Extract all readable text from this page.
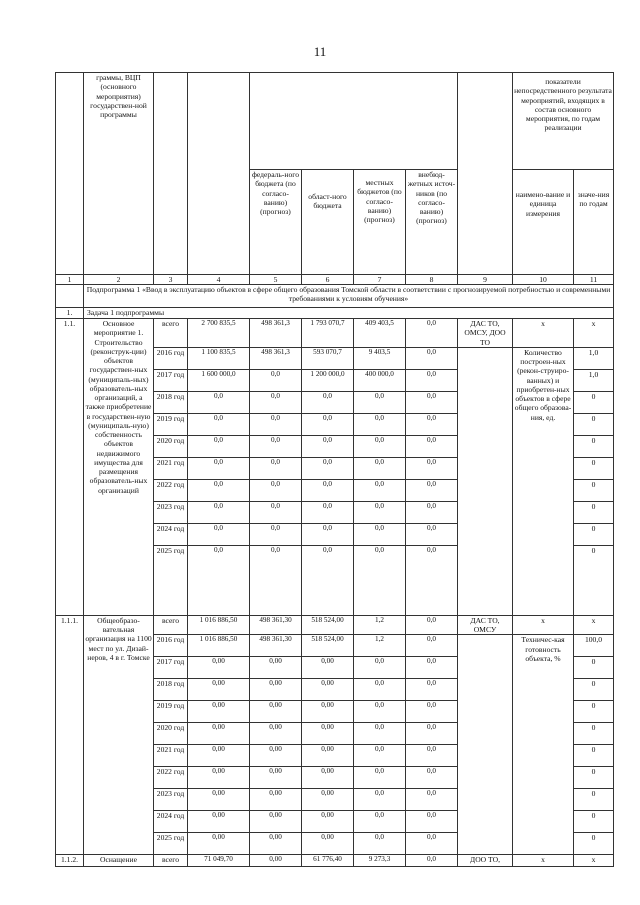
11
	граммы, ВЦП (основного мероприятия) государствен-ной программы								показатели непосредственного результата мероприятий, входящих в состав основного мероприятия, по годам реализации	
				федераль-ного бюджета (по согласо-ванию) (прогноз)	област-ного бюджета	местных бюджетов (по согласо-ванию) (прогноз)	внебюд-жетных источ-ников (по согласо-ванию) (прогноз)		наимено-вание и единица измерения	значе-ния по годам
1	2	3	4	5	6	7	8	9	10	11
	Подпрограмма 1 «Ввод в эксплуатацию объектов в сфере общего образования Томской области в соответствии с прогнозируемой потребностью и современными требованиями к условиям обучения»									
1.	Задача 1 подпрограммы									
1.1.	Основное мероприятие 1. Строительство (реконструк-ции) объектов государствен-ных (муниципаль-ных) образователь-ных организаций, а также приобретение в государствен-ную (муниципаль-ную) собственность объектов недвижимого имущества для размещения образователь-ных организаций	всего	2 700 835,5	498 361,3	1 793 070,7	409 403,5	0,0	ДАС ТО, ОМСУ, ДОО ТО	х	х
		2016 год	1 100 835,5	498 361,3	593 070,7	9 403,5	0,0		Количество построен-ных (рекон-струиро-ванных) и приобретен-ных объектов в сфере общего образова-ния, ед.	1,0
		2017 год	1 600 000,0	0,0	1 200 000,0	400 000,0	0,0			1,0
		2018 год	0,0	0,0	0,0	0,0	0,0			0
		2019 год	0,0	0,0	0,0	0,0	0,0			0
		2020 год	0,0	0,0	0,0	0,0	0,0			0
		2021 год	0,0	0,0	0,0	0,0	0,0			0
		2022 год	0,0	0,0	0,0	0,0	0,0			0
		2023 год	0,0	0,0	0,0	0,0	0,0			0
		2024 год	0,0	0,0	0,0	0,0	0,0			0
		2025 год	0,0	0,0	0,0	0,0	0,0			0
1.1.1.	Общеобразо-вательная организация на 1100 мест по ул. Дизай-неров, 4 в г. Томске	всего	1 016 886,50	498 361,30	518 524,00	1,2	0,0	ДАС ТО, ОМСУ	х	х
		2016 год	1 016 886,50	498 361,30	518 524,00	1,2	0,0		Техничес-кая готовность объекта, %	100,0
		2017 год	0,00	0,00	0,00	0,0	0,0			0
		2018 год	0,00	0,00	0,00	0,0	0,0			0
		2019 год	0,00	0,00	0,00	0,0	0,0			0
		2020 год	0,00	0,00	0,00	0,0	0,0			0
		2021 год	0,00	0,00	0,00	0,0	0,0			0
		2022 год	0,00	0,00	0,00	0,0	0,0			0
		2023 год	0,00	0,00	0,00	0,0	0,0			0
		2024 год	0,00	0,00	0,00	0,0	0,0			0
		2025 год	0,00	0,00	0,00	0,0	0,0			0
1.1.2.	Оснащение	всего	71 049,70	0,00	61 776,40	9 273,3	0,0	ДОО ТО,	х	х
